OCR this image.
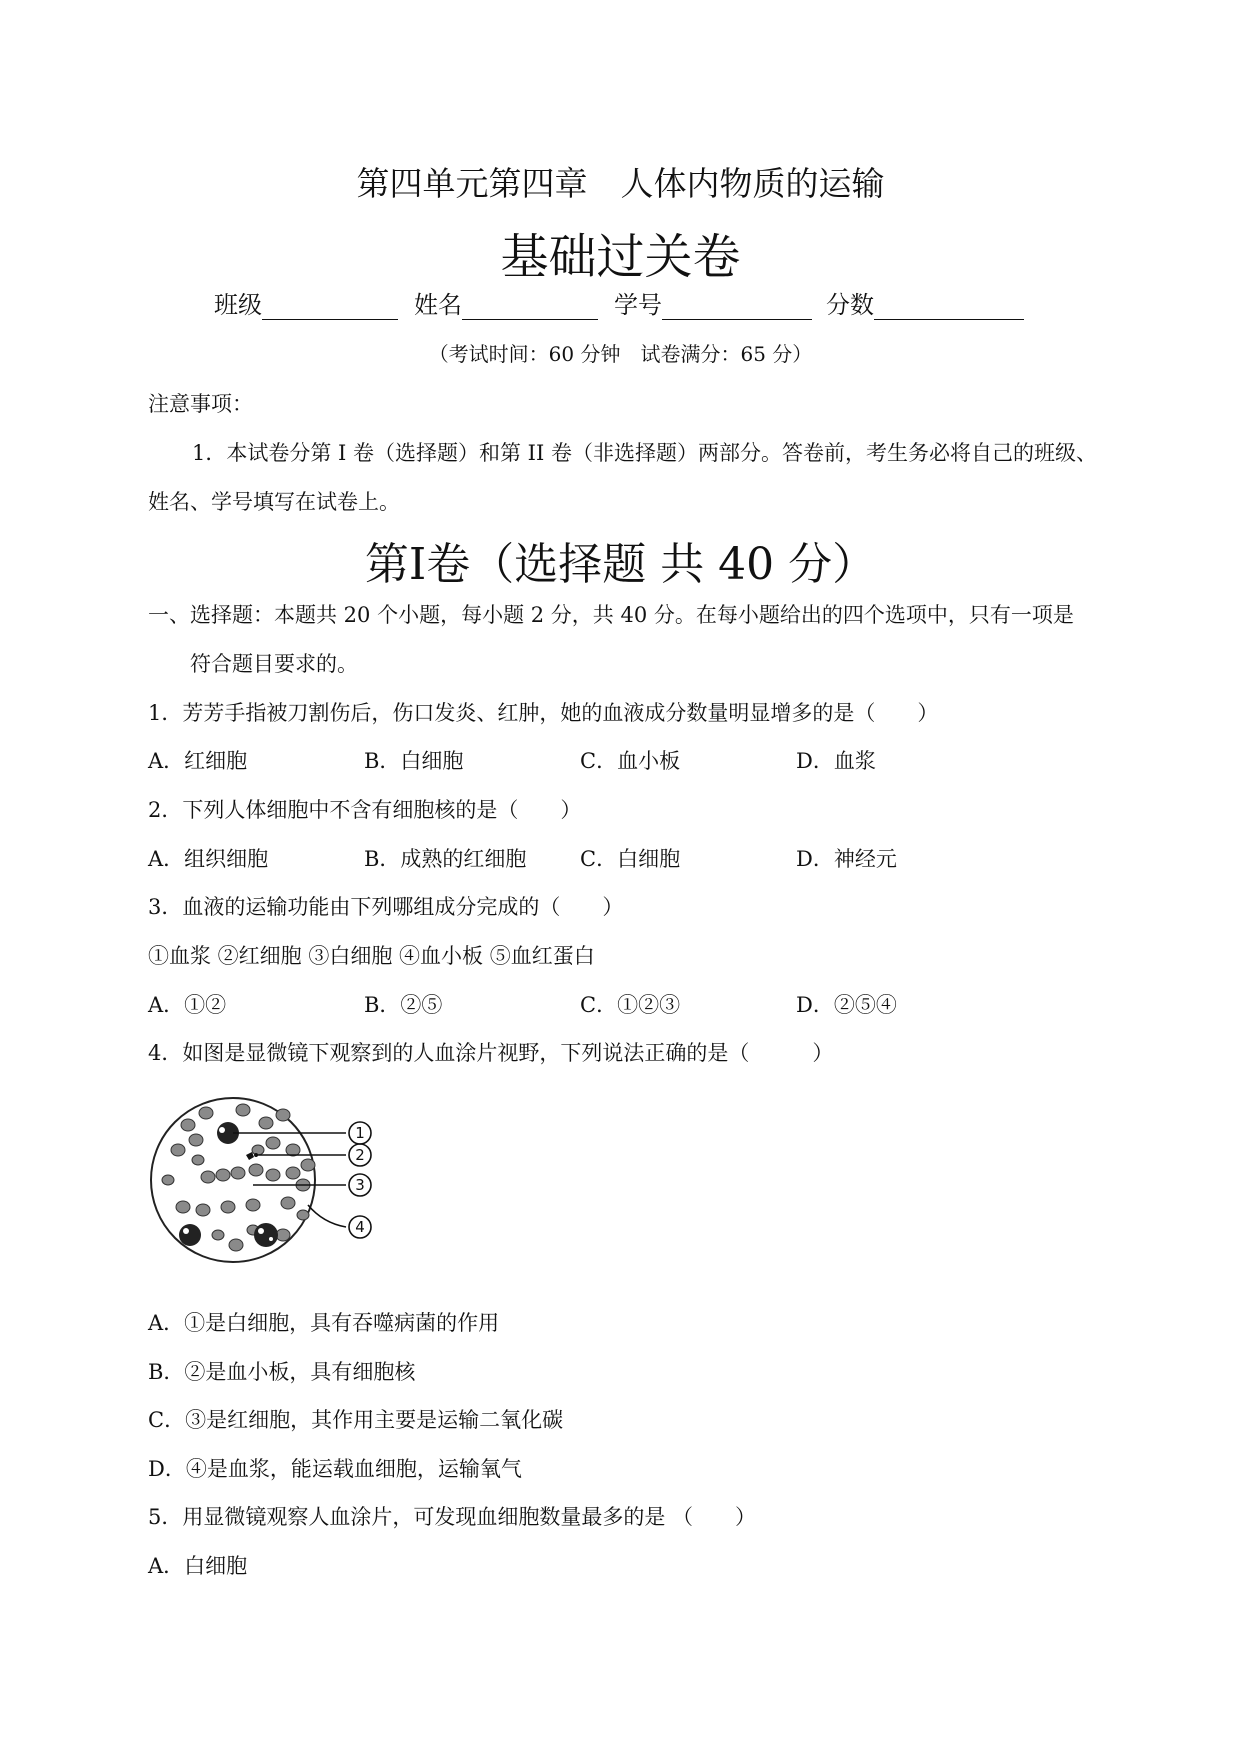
第四单元第四章　人体内物质的运输
基础过关卷
班级	姓名	学号	分数
（考试时间：60 分钟　试卷满分：65 分）
注意事项：
1．本试卷分第 I 卷（选择题）和第 II 卷（非选择题）两部分。答卷前，考生务必将自己的班级、
姓名、学号填写在试卷上。
第I卷（选择题 共 40 分）
一、选择题：本题共 20 个小题，每小题 2 分，共 40 分。在每小题给出的四个选项中，只有一项是
符合题目要求的。
1．芳芳手指被刀割伤后，伤口发炎、红肿，她的血液成分数量明显增多的是（　　）
A．红细胞	B．白细胞	C．血小板	D．血浆
2．下列人体细胞中不含有细胞核的是（　　）
A．组织细胞	B．成熟的红细胞	C．白细胞	D．神经元
3．血液的运输功能由下列哪组成分完成的（　　）
①血浆 ②红细胞 ③白细胞 ④血小板 ⑤血红蛋白
A．①②	B．②⑤	C．①②③	D．②⑤④
4．如图是显微镜下观察到的人血涂片视野，下列说法正确的是（　　　）
1
2
3
4
A．①是白细胞，具有吞噬病菌的作用
B．②是血小板，具有细胞核
C．③是红细胞，其作用主要是运输二氧化碳
D．④是血浆，能运载血细胞，运输氧气
5．用显微镜观察人血涂片，可发现血细胞数量最多的是 （　　）
A．白细胞
